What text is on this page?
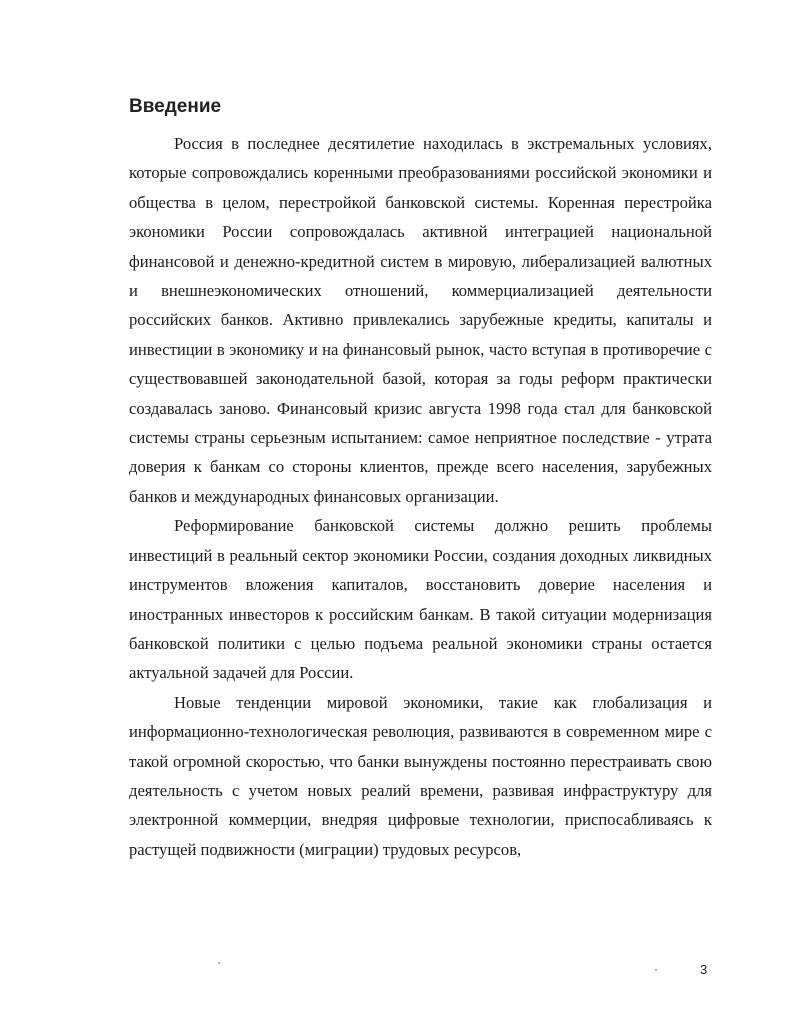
Введение

Россия в последнее десятилетие находилась в экстремальных условиях, которые сопровождались коренными преобразованиями российской экономики и общества в целом, перестройкой банковской системы. Коренная перестройка экономики России сопровождалась активной интеграцией национальной финансовой и денежно-кредитной систем в мировую, либерализацией валютных и внешнеэкономических отношений, коммерциализацией деятельности российских банков. Активно привлекались зарубежные кредиты, капиталы и инвестиции в экономику и на финансовый рынок, часто вступая в противоречие с существовавшей законодательной базой, которая за годы реформ практически создавалась заново. Финансовый кризис августа 1998 года стал для банковской системы страны серьезным испытанием: самое неприятное последствие - утрата доверия к банкам со стороны клиентов, прежде всего населения, зарубежных банков и международных финансовых организации.

Реформирование банковской системы должно решить проблемы инвестиций в реальный сектор экономики России, создания доходных ликвидных инструментов вложения капиталов, восстановить доверие населения и иностранных инвесторов к российским банкам. В такой ситуации модернизация банковской политики с целью подъема реальной экономики страны остается актуальной задачей для России.

Новые тенденции мировой экономики, такие как глобализация и информационно-технологическая революция, развиваются в современном мире с такой огромной скоростью, что банки вынуждены постоянно перестраивать свою деятельность с учетом новых реалий времени, развивая инфраструктуру для электронной коммерции, внедряя цифровые технологии, приспосабливаясь к растущей подвижности (миграции) трудовых ресурсов,

3
